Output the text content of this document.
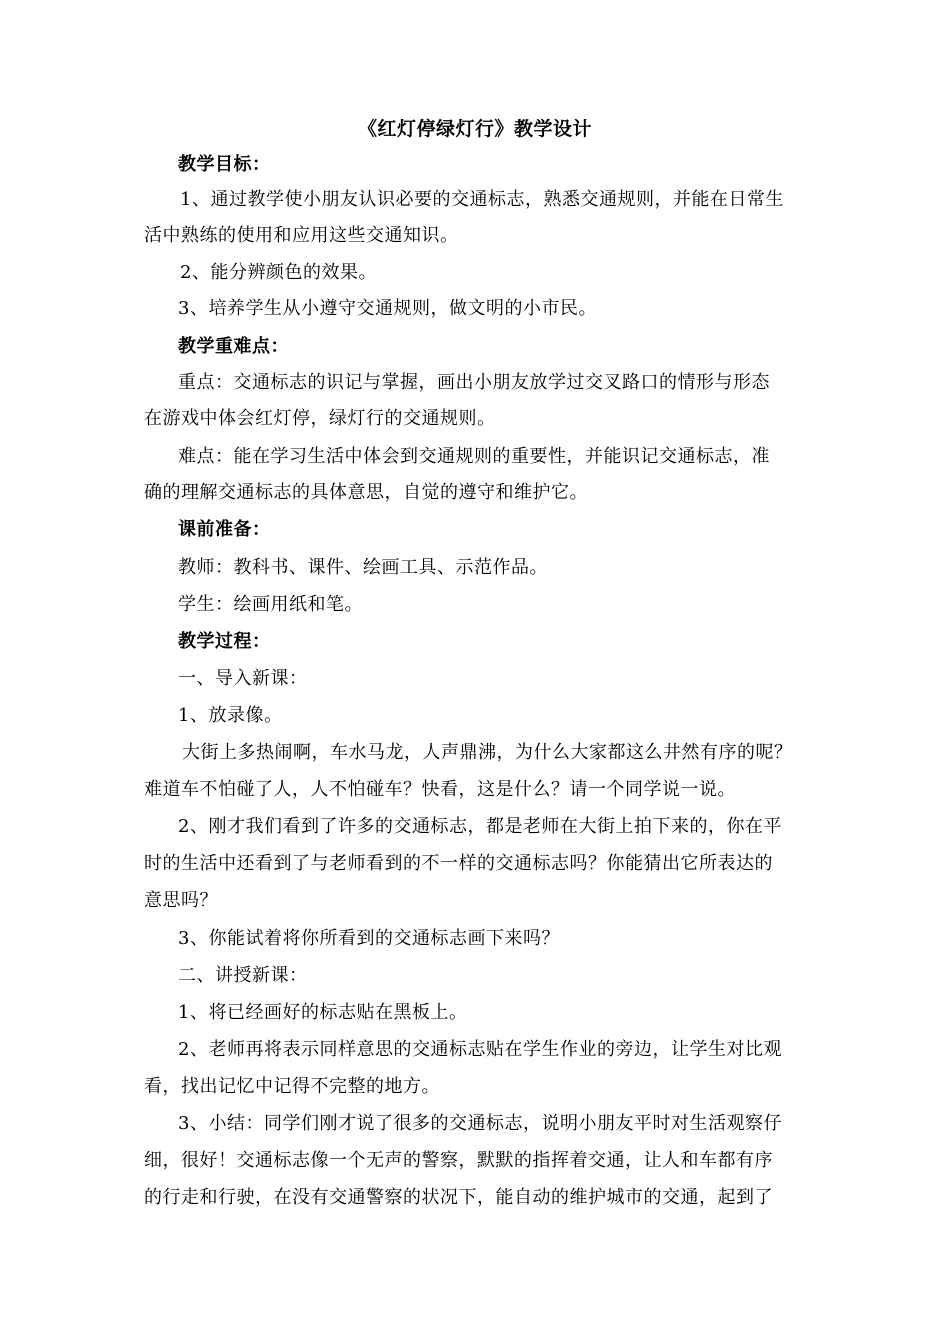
《红灯停绿灯行》教学设计
教学目标：
1、通过教学使小朋友认识必要的交通标志，熟悉交通规则，并能在日常生
活中熟练的使用和应用这些交通知识。
2、能分辨颜色的效果。
3、培养学生从小遵守交通规则，做文明的小市民。
教学重难点：
重点：交通标志的识记与掌握，画出小朋友放学过交叉路口的情形与形态
在游戏中体会红灯停，绿灯行的交通规则。
难点：能在学习生活中体会到交通规则的重要性，并能识记交通标志，准
确的理解交通标志的具体意思，自觉的遵守和维护它。
课前准备：
教师：教科书、课件、绘画工具、示范作品。
学生：绘画用纸和笔。
教学过程：
一、导入新课：
1、放录像。
大街上多热闹啊，车水马龙，人声鼎沸，为什么大家都这么井然有序的呢？
难道车不怕碰了人，人不怕碰车？快看，这是什么？请一个同学说一说。
2、刚才我们看到了许多的交通标志，都是老师在大街上拍下来的，你在平
时的生活中还看到了与老师看到的不一样的交通标志吗？你能猜出它所表达的
意思吗？
3、你能试着将你所看到的交通标志画下来吗？
二、讲授新课：
1、将已经画好的标志贴在黑板上。
2、老师再将表示同样意思的交通标志贴在学生作业的旁边，让学生对比观
看，找出记忆中记得不完整的地方。
3、小结：同学们刚才说了很多的交通标志，说明小朋友平时对生活观察仔
细，很好！交通标志像一个无声的警察，默默的指挥着交通，让人和车都有序
的行走和行驶，在没有交通警察的状况下，能自动的维护城市的交通，起到了
